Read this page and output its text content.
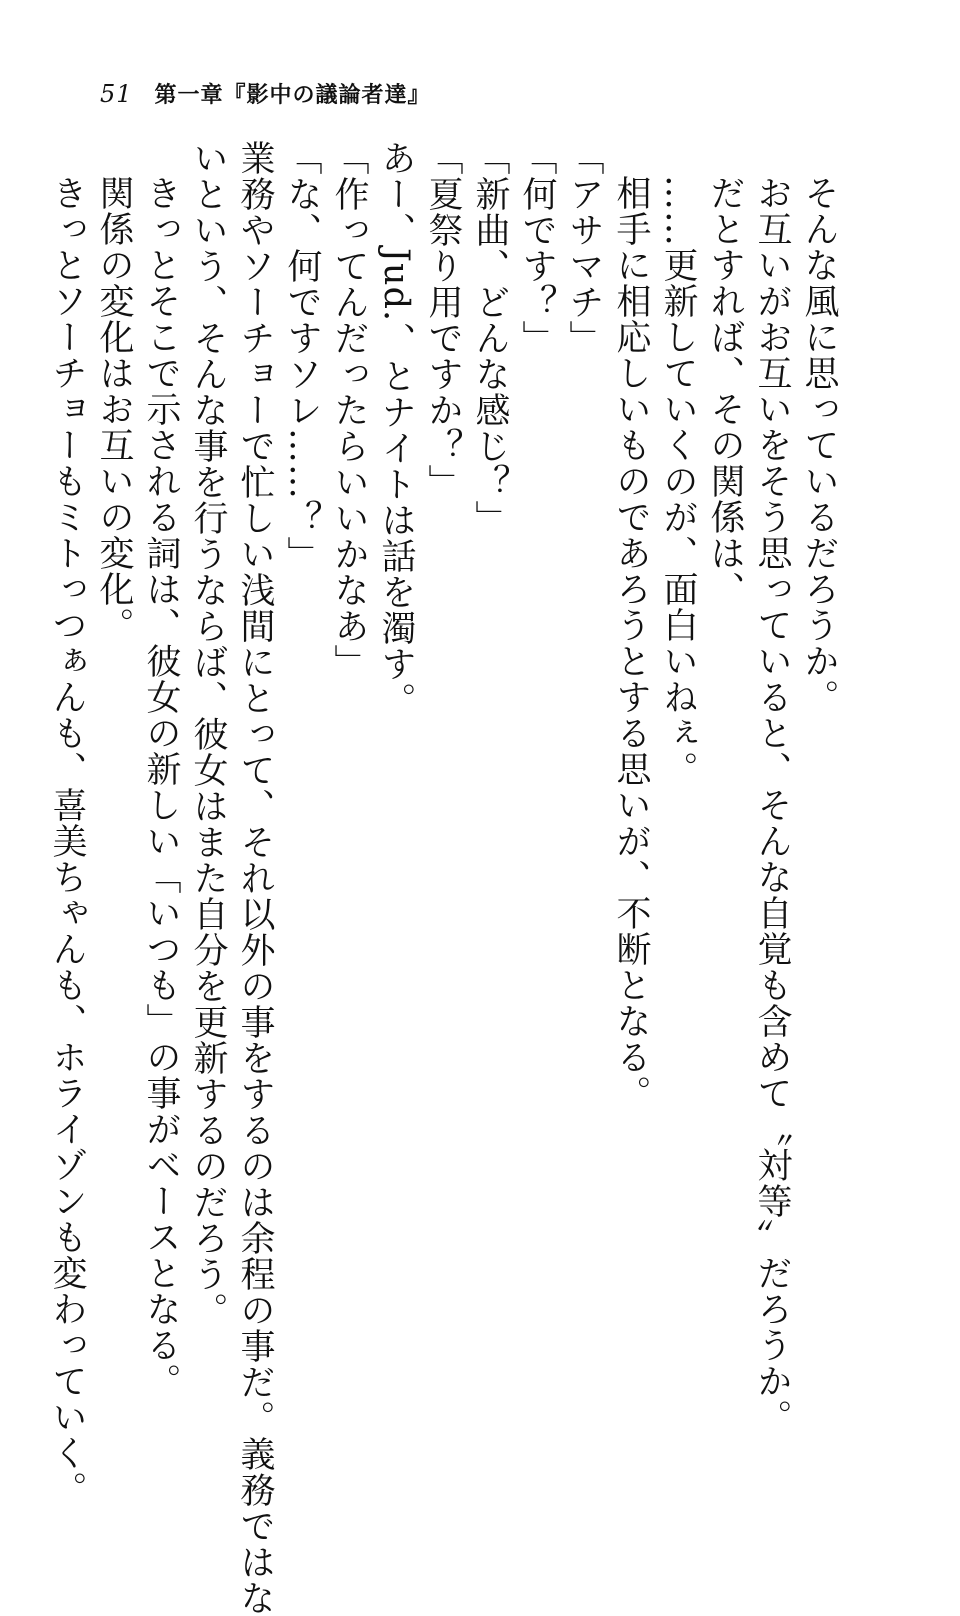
51 第一章『影中の議論者達』
そんな風に思っているだろうか。
お互いがお互いをそう思っていると、そんな自覚も含めて〝対等〟だろうか。
だとすれば、その関係は、
……更新していくのが、面白いねぇ。
相手に相応しいものであろうとする思いが、不断となる。
「アサマチ」
「何です？」
「新曲、どんな感じ？」
「夏祭り用ですか？」
あー、Jud.、とナイトは話を濁す。
「作ってんだったらいいかなあ」
「な、何ですソレ……？」
業務やソーチョーで忙しい浅間にとって、それ以外の事をするのは余程の事だ。義務ではな
いという、そんな事を行うならば、彼女はまた自分を更新するのだろう。
きっとそこで示される詞は、彼女の新しい「いつも」の事がベースとなる。
関係の変化はお互いの変化。
きっとソーチョーもミトっつぁんも、喜美ちゃんも、ホライゾンも変わっていく。
